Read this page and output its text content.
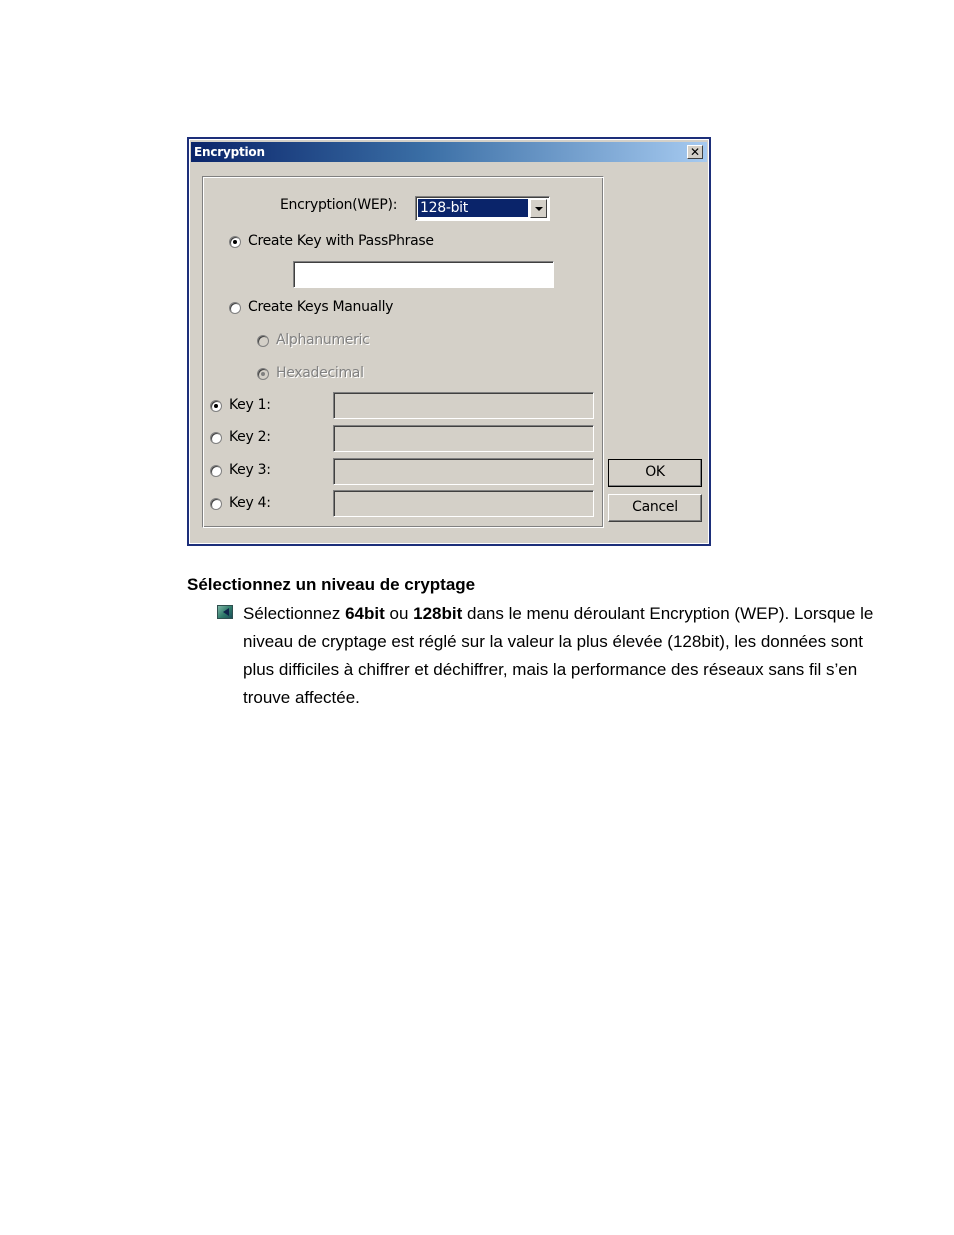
Encryption	✕
Encryption(WEP): 128-bit
Create Key with PassPhrase
Create Keys Manually
Alphanumeric
Hexadecimal
Key 1:
Key 2:
Key 3:
Key 4:
OK
Cancel
Sélectionnez un niveau de cryptage
Sélectionnez 64bit ou 128bit dans le menu déroulant Encryption (WEP). Lorsque le niveau de cryptage est réglé sur la valeur la plus élevée (128bit), les données sont plus difficiles à chiffrer et déchiffrer, mais la performance des réseaux sans fil s’en trouve affectée.
